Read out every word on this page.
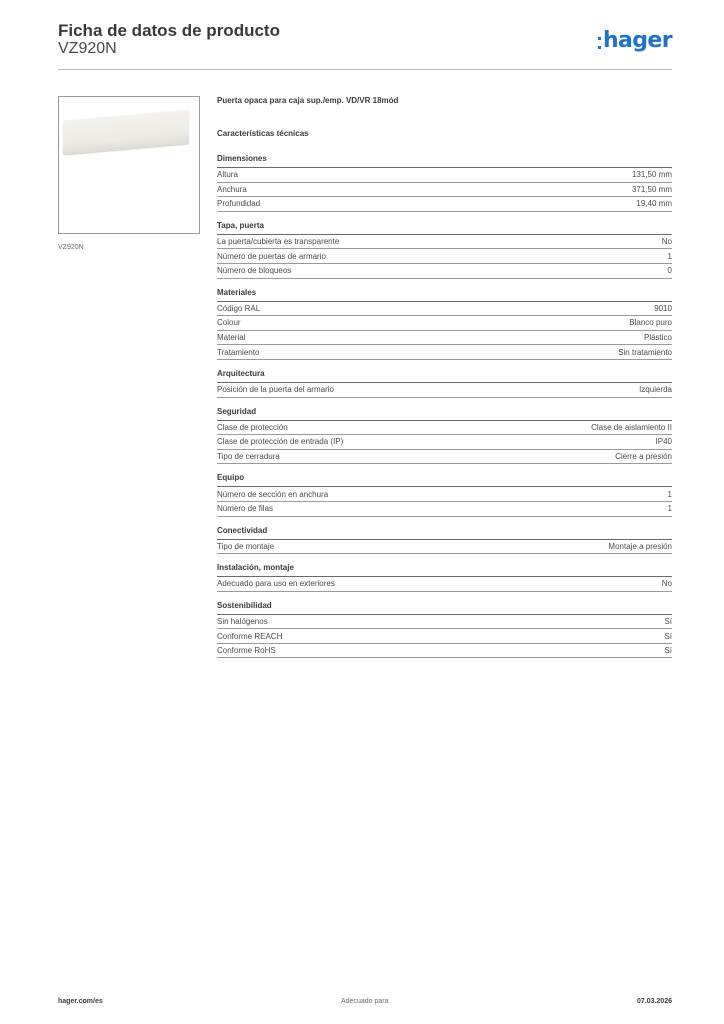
Ficha de datos de producto
VZ920N	hager
VZ920N
Puerta opaca para caja sup./emp. VD/VR 18mód
Características técnicas
Dimensiones
Altura	131,50 mm
Anchura	371,50 mm
Profundidad	19,40 mm
Tapa, puerta
La puerta/cubierta es transparente	No
Número de puertas de armario	1
Número de bloqueos	0
Materiales
Código RAL	9010
Colour	Blanco puro
Material	Plástico
Tratamiento	Sin tratamiento
Arquitectura
Posición de la puerta del armario	Izquierda
Seguridad
Clase de protección	Clase de aislamiento II
Clase de protección de entrada (IP)	IP40
Tipo de cerradura	Cierre a presión
Equipo
Número de sección en anchura	1
Número de filas	1
Conectividad
Tipo de montaje	Montaje a presión
Instalación, montaje
Adecuado para uso en exteriores	No
Sostenibilidad
Sin halógenos	Sí
Conforme REACH	Sí
Conforme RoHS	Sí
hager.com/es	Adecuado para	07.03.2026
